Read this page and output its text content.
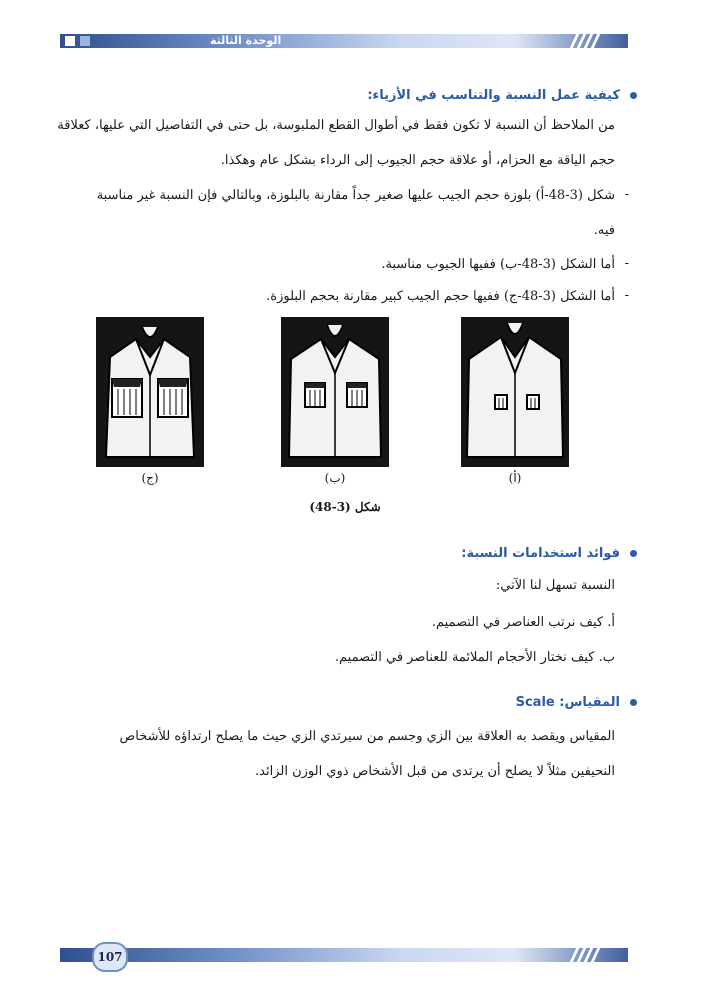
الوحدة الثالثة
كيفية عمل النسبة والتناسب في الأزياء:
من الملاحظ أن النسبة لا تكون فقط في أطوال القطع الملبوسة، بل حتى في التفاصيل التي عليها، كعلاقة
حجم الياقة مع الحزام، أو علاقة حجم الجيوب إلى الرداء بشكل عام وهكذا.
-
شكل (3-48-أ) بلوزة حجم الجيب عليها صغير جداً مقارنة بالبلوزة، وبالتالي فإن النسبة غير مناسبة
فيه.
-
أما الشكل (3-48-ب) ففيها الجيوب مناسبة.
-
أما الشكل (3-48-ج) ففيها حجم الجيب كبير مقارنة بحجم البلوزة.
(ج)	(ب)	(أ)
شكل (3-48)
فوائد استخدامات النسبة:
النسبة تسهل لنا الآتي:
أ. كيف نرتب العناصر في التصميم.
ب. كيف نختار الأحجام الملائمة للعناصر في التصميم.
المقياس: Scale
المقياس ويقصد به العلاقة بين الزي وجسم من سيرتدي الزي حيث ما يصلح ارتداؤه للأشخاص
النحيفين مثلاً لا يصلح أن يرتدى من قبل الأشخاص ذوي الوزن الزائد.
107
